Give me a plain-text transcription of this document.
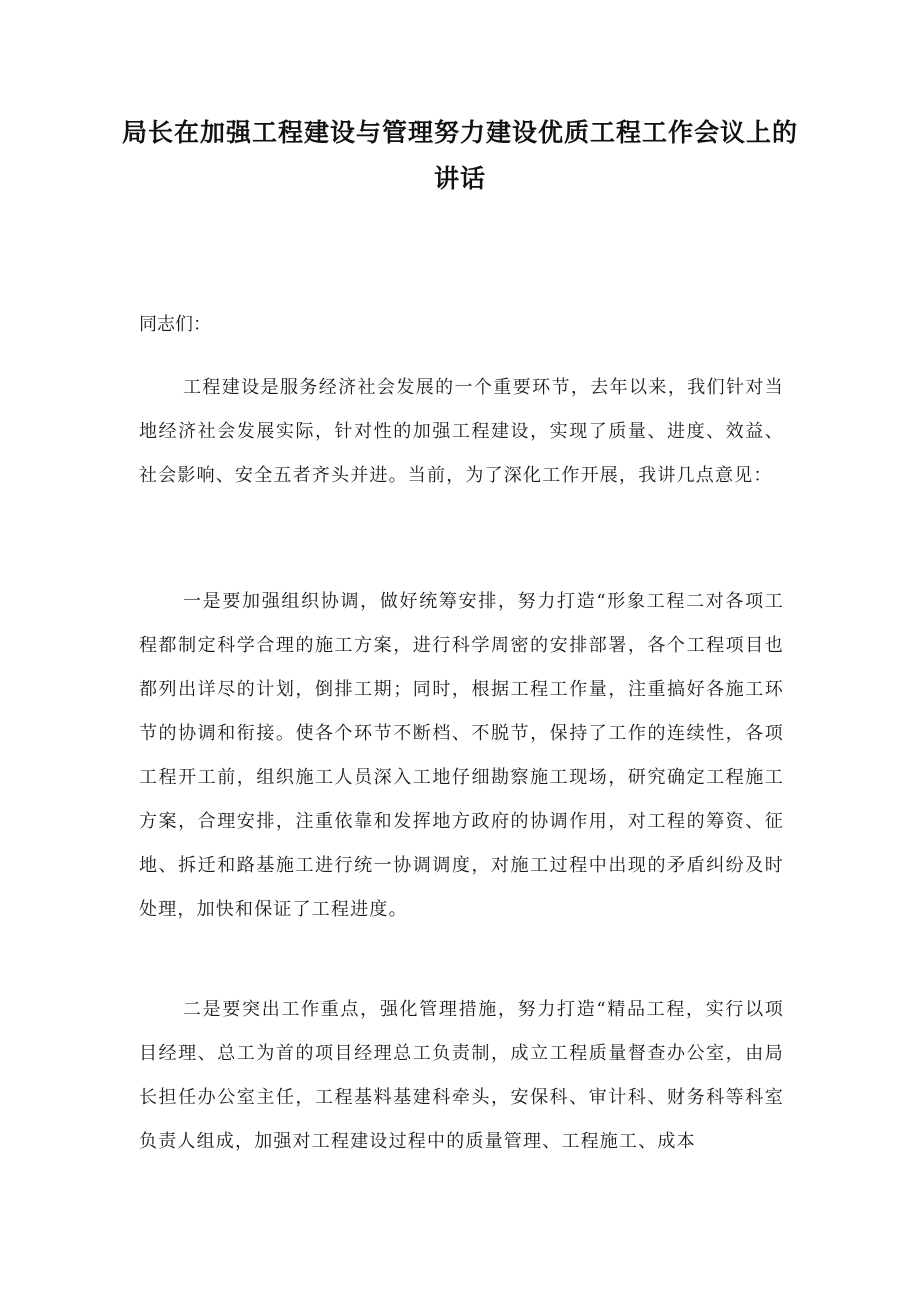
局长在加强工程建设与管理努力建设优质工程工作会议上的讲话

同志们：

工程建设是服务经济社会发展的一个重要环节，去年以来，我们针对当地经济社会发展实际，针对性的加强工程建设，实现了质量、进度、效益、社会影响、安全五者齐头并进。当前，为了深化工作开展，我讲几点意见：

一是要加强组织协调，做好统筹安排，努力打造“形象工程二对各项工程都制定科学合理的施工方案，进行科学周密的安排部署，各个工程项目也都列出详尽的计划，倒排工期；同时，根据工程工作量，注重搞好各施工环节的协调和衔接。使各个环节不断档、不脱节，保持了工作的连续性，各项工程开工前，组织施工人员深入工地仔细勘察施工现场，研究确定工程施工方案，合理安排，注重依靠和发挥地方政府的协调作用，对工程的筹资、征地、拆迁和路基施工进行统一协调调度，对施工过程中出现的矛盾纠纷及时处理，加快和保证了工程进度。

二是要突出工作重点，强化管理措施，努力打造“精品工程，实行以项目经理、总工为首的项目经理总工负责制，成立工程质量督查办公室，由局长担任办公室主任，工程基料基建科牵头，安保科、审计科、财务科等科室负责人组成，加强对工程建设过程中的质量管理、工程施工、成本
